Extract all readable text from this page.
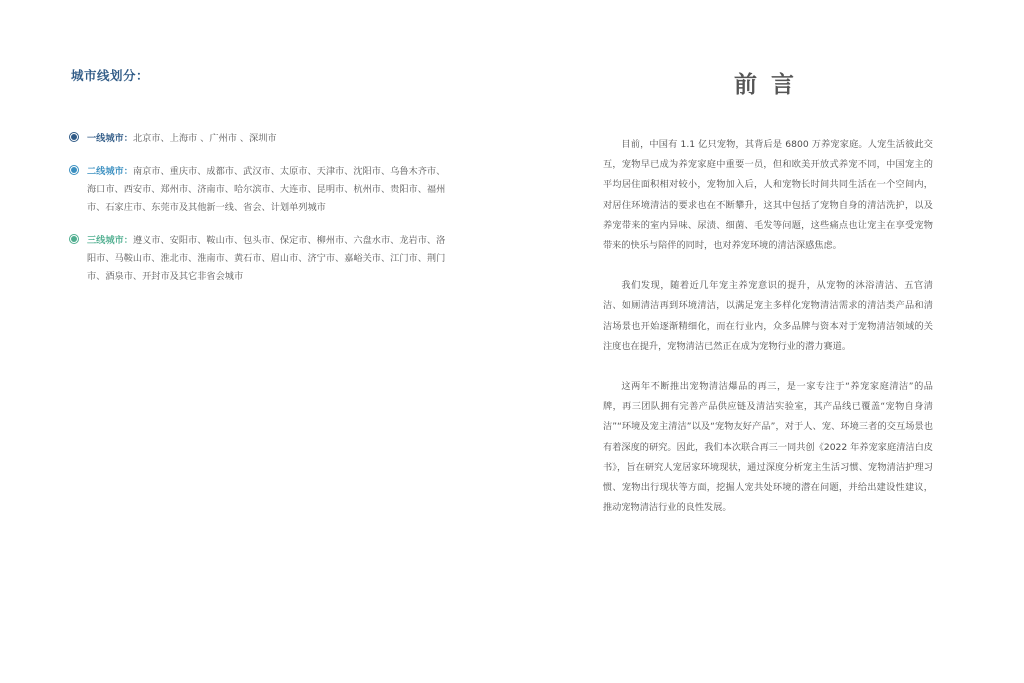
城市线划分：
一线城市：北京市、上海市 、广州市 、深圳市
二线城市：南京市、重庆市、成都市、武汉市、太原市、天津市、沈阳市、乌鲁木齐市、海口市、西安市、郑州市、济南市、哈尔滨市、大连市、昆明市、杭州市、贵阳市、福州市、石家庄市、东莞市及其他新一线、省会、计划单列城市
三线城市：遵义市、安阳市、鞍山市、包头市、保定市、柳州市、六盘水市、龙岩市、洛阳市、马鞍山市、淮北市、淮南市、黄石市、眉山市、济宁市、嘉峪关市、江门市、荆门市、酒泉市、开封市及其它非省会城市
前言

目前，中国有 1.1 亿只宠物，其背后是 6800 万养宠家庭。人宠生活彼此交互，宠物早已成为养宠家庭中重要一员，但和欧美开放式养宠不同，中国宠主的平均居住面积相对较小，宠物加入后，人和宠物长时间共同生活在一个空间内，对居住环境清洁的要求也在不断攀升，这其中包括了宠物自身的清洁洗护，以及养宠带来的室内异味、尿渍、细菌、毛发等问题，这些痛点也让宠主在享受宠物带来的快乐与陪伴的同时，也对养宠环境的清洁深感焦虑。

我们发现，随着近几年宠主养宠意识的提升，从宠物的沐浴清洁、五官清洁、如厕清洁再到环境清洁，以满足宠主多样化宠物清洁需求的清洁类产品和清洁场景也开始逐渐精细化，而在行业内，众多品牌与资本对于宠物清洁领域的关注度也在提升，宠物清洁已然正在成为宠物行业的潜力赛道。

这两年不断推出宠物清洁爆品的再三，是一家专注于“养宠家庭清洁”的品牌，再三团队拥有完善产品供应链及清洁实验室，其产品线已覆盖“宠物自身清洁”“环境及宠主清洁”以及“宠物友好产品”，对于人、宠、环境三者的交互场景也有着深度的研究。因此，我们本次联合再三一同共创《2022 年养宠家庭清洁白皮书》，旨在研究人宠居家环境现状，通过深度分析宠主生活习惯、宠物清洁护理习惯、宠物出行现状等方面，挖掘人宠共处环境的潜在问题，并给出建设性建议，推动宠物清洁行业的良性发展。
